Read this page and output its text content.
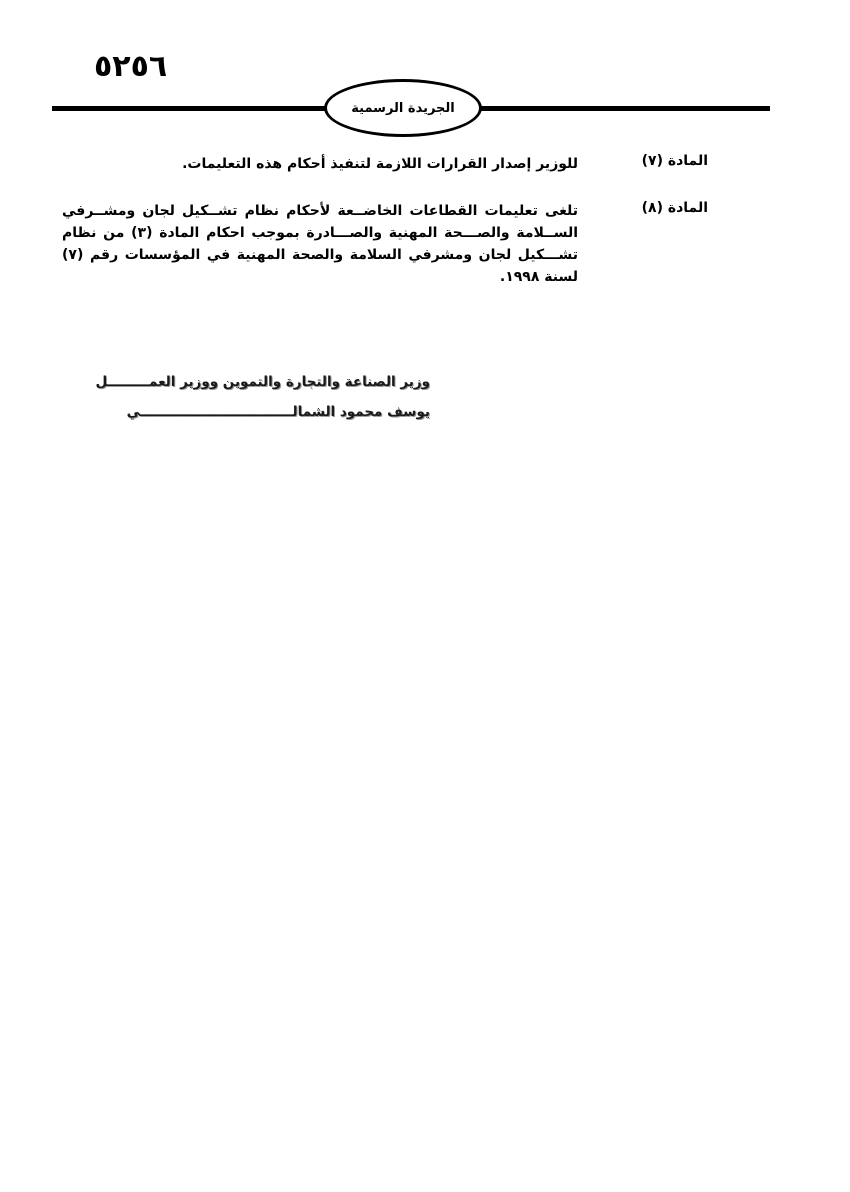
٥٢٥٦
الجريدة الرسمية
المادة (٧)
للوزير إصدار القرارات اللازمة لتنفيذ أحكام هذه التعليمات.
المادة (٨)
تلغى تعليمات القطاعات الخاضــعة لأحكام نظام تشــكيل لجان ومشــرفي الســلامة والصـــحة المهنية والصـــادرة بموجب احكام المادة (٣) من نظام تشـــكيل لجان ومشرفي السلامة والصحة المهنية في المؤسسات رقم (٧) لسنة ١٩٩٨.
وزير الصناعة والتجارة والتموين ووزير العمـــــــــل
يوسف محمود الشمالـــــــــــــــــــــــــــــــــي
